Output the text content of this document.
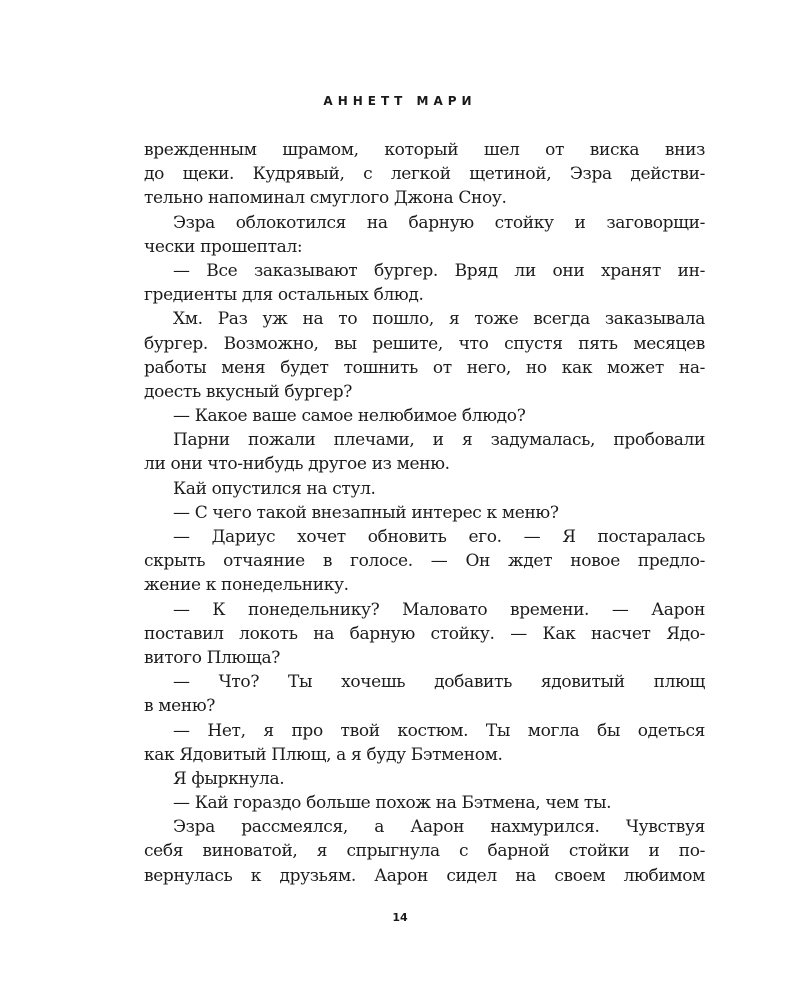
АННЕТТ МАРИ
врежденным шрамом, который шел от виска вниз
до щеки. Кудрявый, с легкой щетиной, Эзра действи-
тельно напоминал смуглого Джона Сноу.
Эзра облокотился на барную стойку и заговорщи-
чески прошептал:
— Все заказывают бургер. Вряд ли они хранят ин-
гредиенты для остальных блюд.
Хм. Раз уж на то пошло, я тоже всегда заказывала
бургер. Возможно, вы решите, что спустя пять месяцев
работы меня будет тошнить от него, но как может на-
доесть вкусный бургер?
— Какое ваше самое нелюбимое блюдо?
Парни пожали плечами, и я задумалась, пробовали
ли они что-нибудь другое из меню.
Кай опустился на стул.
— С чего такой внезапный интерес к меню?
— Дариус хочет обновить его. — Я постаралась
скрыть отчаяние в голосе. — Он ждет новое предло-
жение к понедельнику.
— К понедельнику? Маловато времени. — Аарон
поставил локоть на барную стойку. — Как насчет Ядо-
витого Плюща?
— Что? Ты хочешь добавить ядовитый плющ
в меню?
— Нет, я про твой костюм. Ты могла бы одеться
как Ядовитый Плющ, а я буду Бэтменом.
Я фыркнула.
— Кай гораздо больше похож на Бэтмена, чем ты.
Эзра рассмеялся, а Аарон нахмурился. Чувствуя
себя виноватой, я спрыгнула с барной стойки и по-
вернулась к друзьям. Аарон сидел на своем любимом
14
